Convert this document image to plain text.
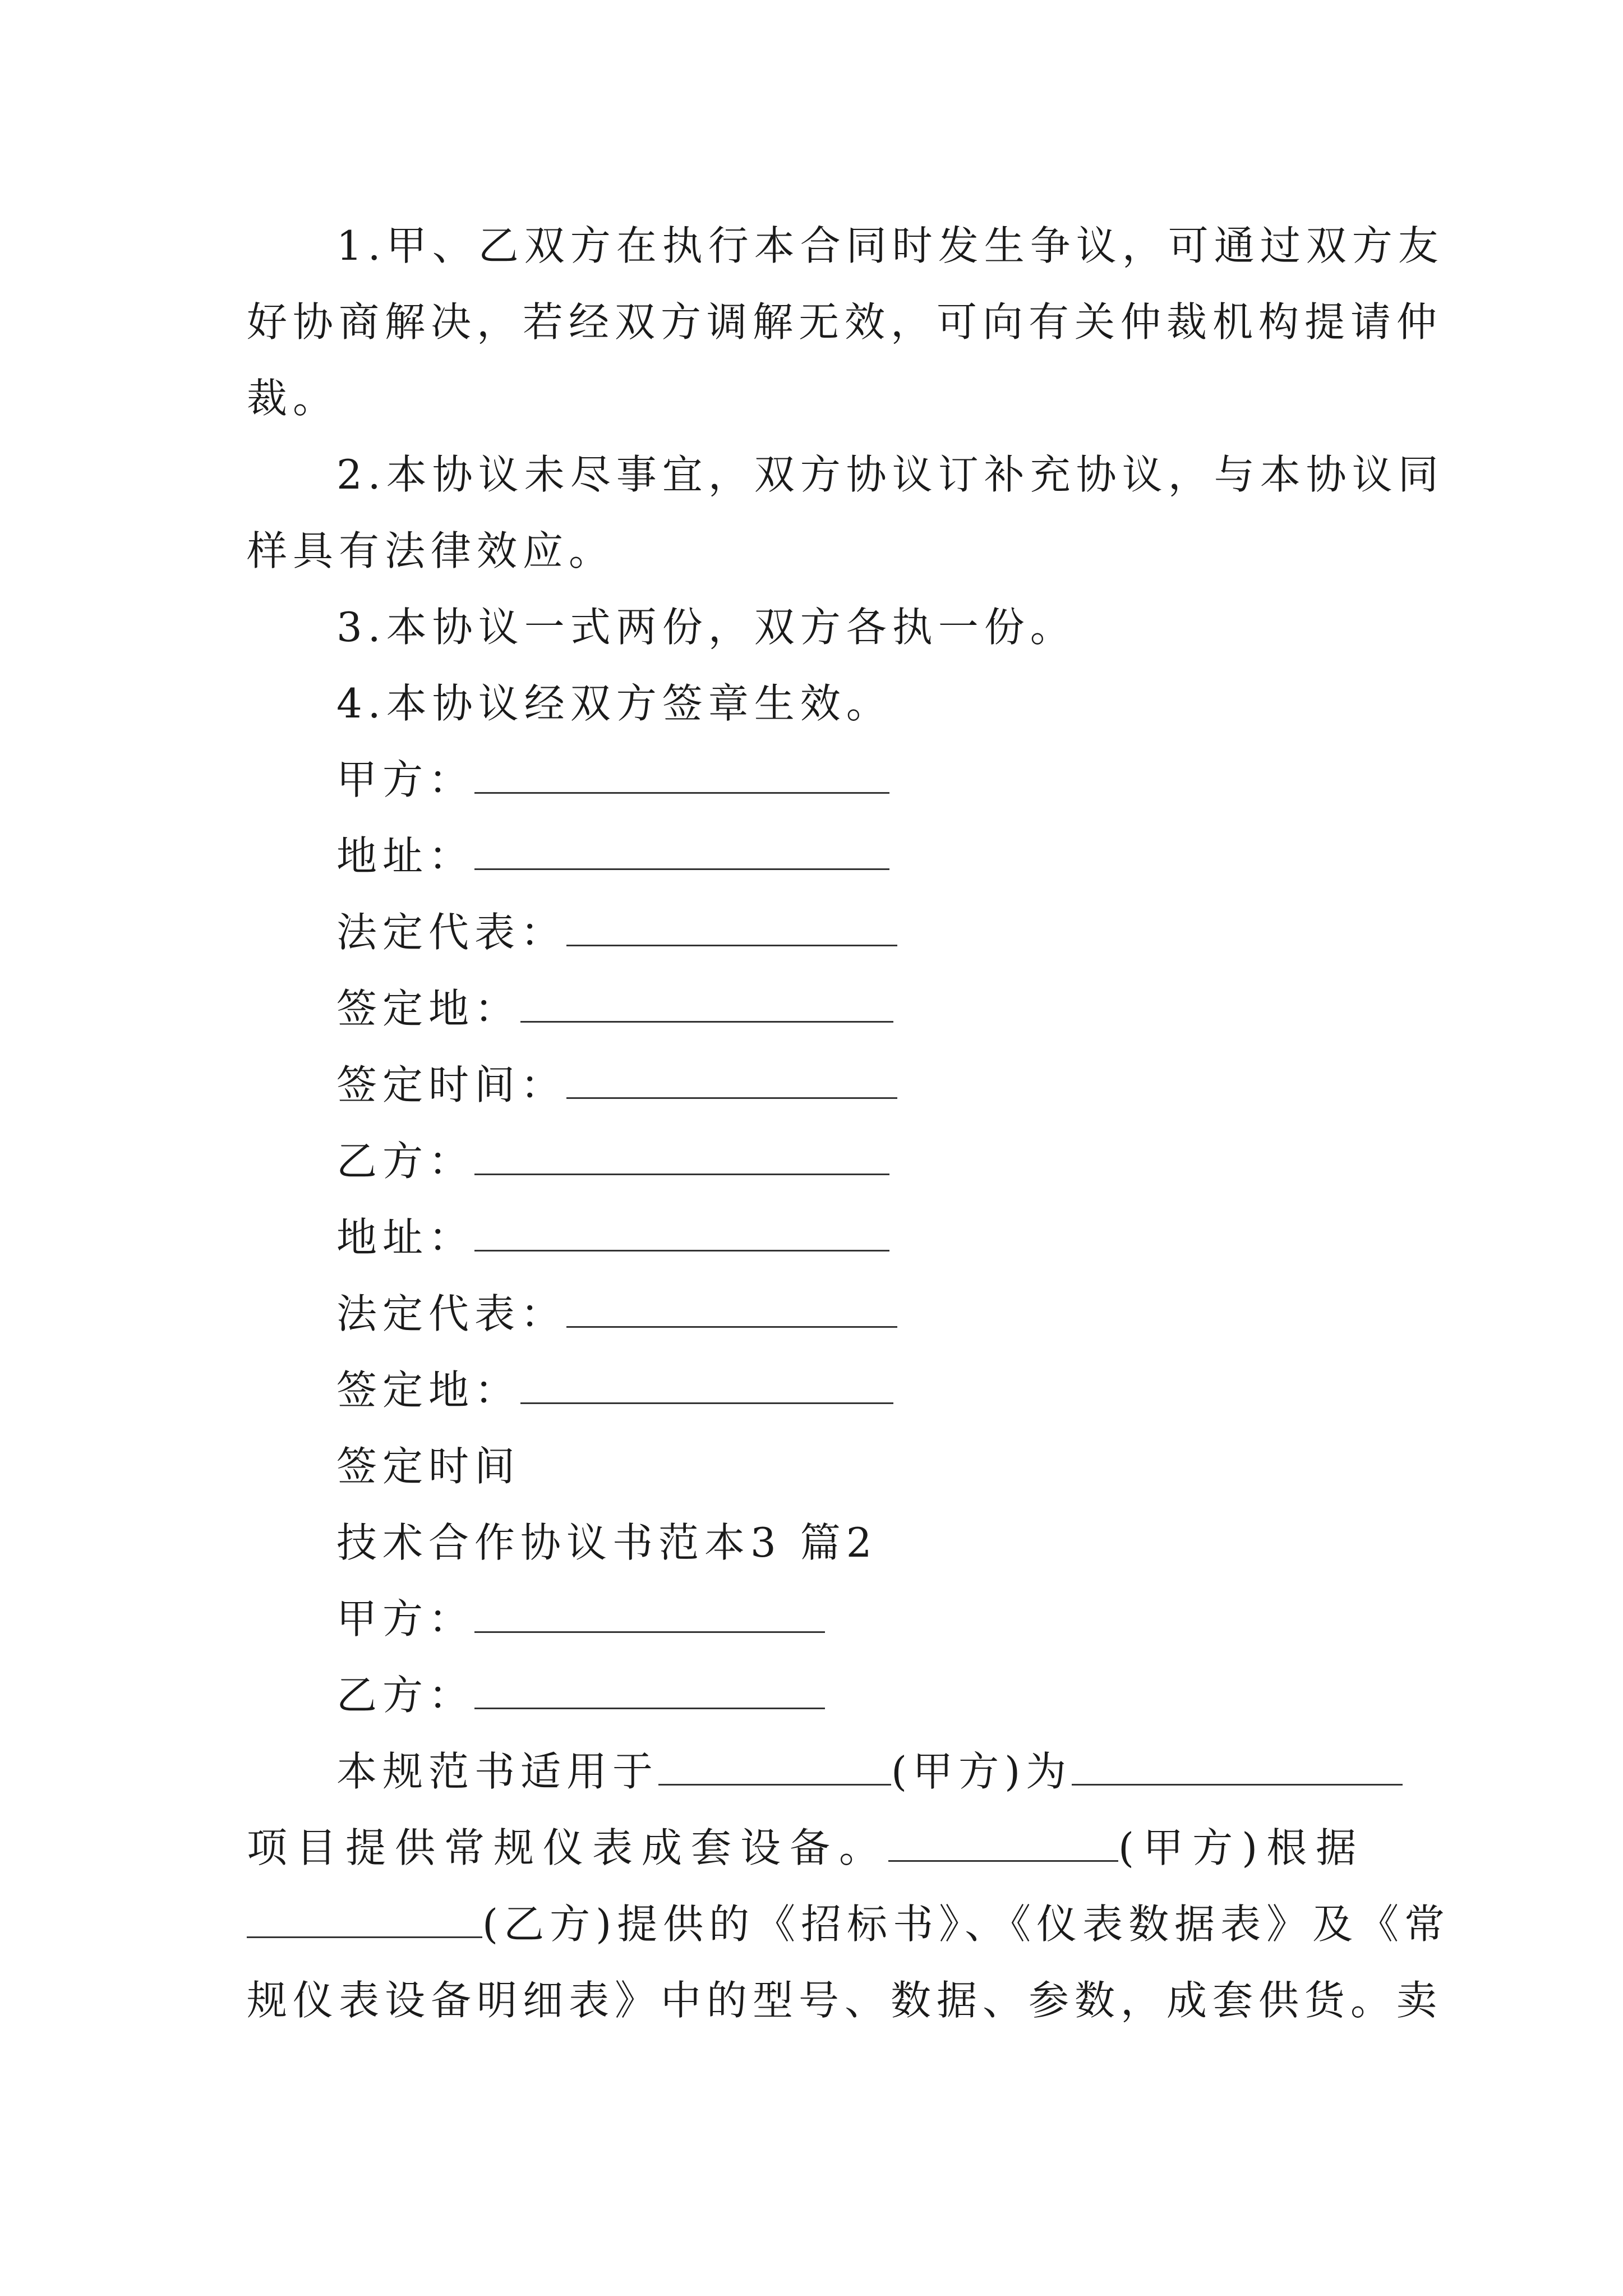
1.甲、乙双方在执行本合同时发生争议，可通过双方友
好协商解决，若经双方调解无效，可向有关仲裁机构提请仲
裁。
2.本协议未尽事宜，双方协议订补充协议，与本协议同
样具有法律效应。
3.本协议一式两份，双方各执一份。
4.本协议经双方签章生效。
甲方：
地址：
法定代表：
签定地：
签定时间：
乙方：
地址：
法定代表：
签定地：
签定时间
技术合作协议书范本3 篇2
甲方：
乙方：
本规范书适用于	(甲方)为
项目提供常规仪表成套设备。	(甲方)根据
(乙方)提供的《招标书》、《仪表数据表》及《常
规仪表设备明细表》中的型号、数据、参数，成套供货。卖
